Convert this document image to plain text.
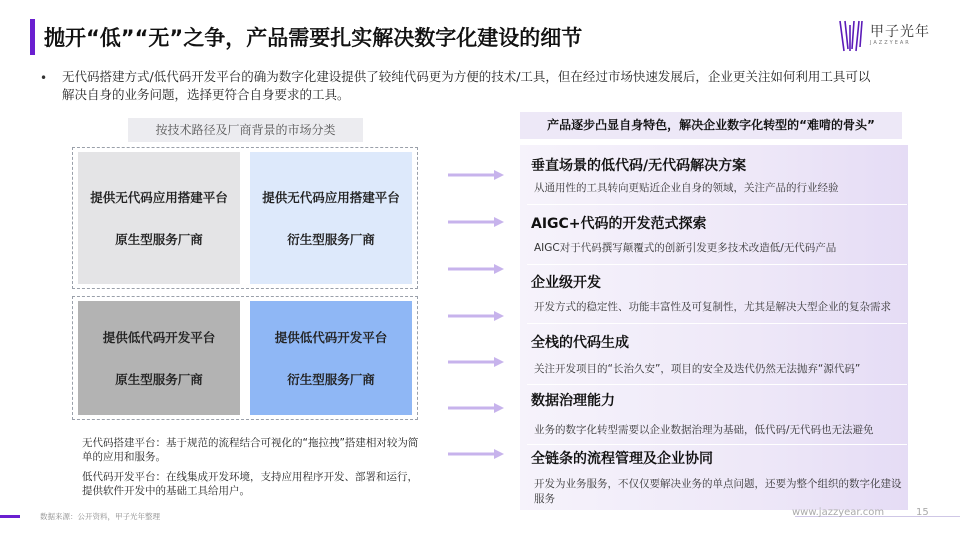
抛开“低”“无”之争，产品需要扎实解决数字化建设的细节	甲子光年
JAZZYEAR
• 无代码搭建方式/低代码开发平台的确为数字化建设提供了较纯代码更为方便的技术/工具，但在经过市场快速发展后，企业更关注如何利用工具可以解决自身的业务问题，选择更符合自身要求的工具。
按技术路径及厂商背景的市场分类
提供无代码应用搭建平台
原生型服务厂商
提供无代码应用搭建平台
衍生型服务厂商
提供低代码开发平台
原生型服务厂商
提供低代码开发平台
衍生型服务厂商
无代码搭建平台：基于规范的流程结合可视化的“拖拉拽”搭建相对较为简单的应用和服务。
低代码开发平台：在线集成开发环境，支持应用程序开发、部署和运行，提供软件开发中的基础工具给用户。
产品逐步凸显自身特色，解决企业数字化转型的“难啃的骨头”
垂直场景的低代码/无代码解决方案
从通用性的工具转向更贴近企业自身的领域，关注产品的行业经验
AIGC+代码的开发范式探索
AIGC对于代码撰写颠覆式的创新引发更多技术改造低/无代码产品
企业级开发
开发方式的稳定性、功能丰富性及可复制性，尤其是解决大型企业的复杂需求
全栈的代码生成
关注开发项目的“长治久安”，项目的安全及迭代仍然无法抛弃“源代码”
数据治理能力
业务的数字化转型需要以企业数据治理为基础，低代码/无代码也无法避免
全链条的流程管理及企业协同
开发为业务服务，不仅仅要解决业务的单点问题，还要为整个组织的数字化建设服务
数据来源：公开资料，甲子光年整理	www.jazzyear.com	15
